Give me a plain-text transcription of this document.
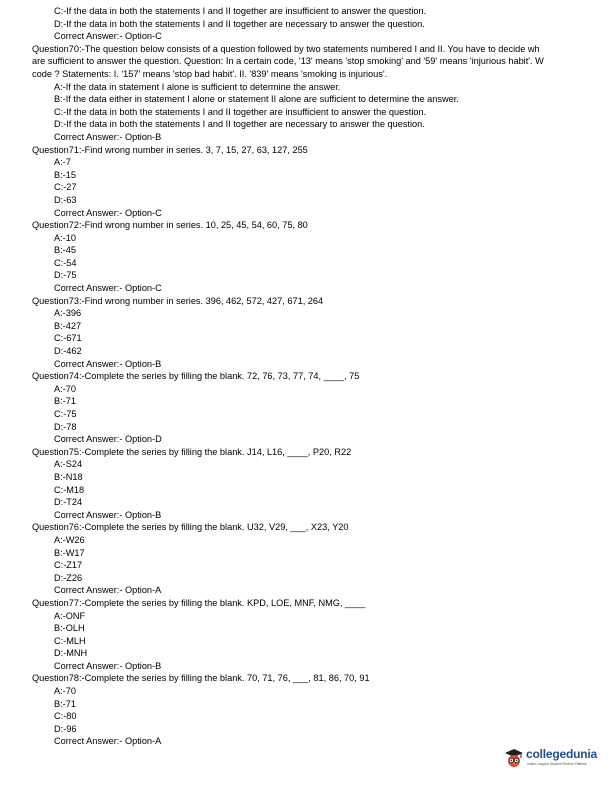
C:-If the data in both the statements I and II together are insufficient to answer the question.
D:-If the data in both the statements I and II together are necessary to answer the question.
Correct Answer:- Option-C
Question70:-The question below consists of a question followed by two statements numbered I and II. You have to decide wh
are sufficient to answer the question. Question: In a certain code, '13' means 'stop smoking' and '59' means 'injurious habit'. W
code ? Statements: I. '157' means 'stop bad habit'. II. '839' means 'smoking is injurious'.
A:-If the data in statement I alone is sufficient to determine the answer.
B:-If the data either in statement I alone or statement II alone are sufficient to determine the answer.
C:-If the data in both the statements I and II together are insufficient to answer the question.
D:-If the data in both the statements I and II together are necessary to answer the question.
Correct Answer:- Option-B
Question71:-Find wrong number in series. 3, 7, 15, 27, 63, 127, 255
A:-7
B:-15
C:-27
D:-63
Correct Answer:- Option-C
Question72:-Find wrong number in series. 10, 25, 45, 54, 60, 75, 80
A:-10
B:-45
C:-54
D:-75
Correct Answer:- Option-C
Question73:-Find wrong number in series. 396, 462, 572, 427, 671, 264
A:-396
B:-427
C:-671
D:-462
Correct Answer:- Option-B
Question74:-Complete the series by filling the blank. 72, 76, 73, 77, 74, ____, 75
A:-70
B:-71
C:-75
D:-78
Correct Answer:- Option-D
Question75:-Complete the series by filling the blank. J14, L16, ____, P20, R22
A:-S24
B:-N18
C:-M18
D:-T24
Correct Answer:- Option-B
Question76:-Complete the series by filling the blank. U32, V29, ___, X23, Y20
A:-W26
B:-W17
C:-Z17
D:-Z26
Correct Answer:- Option-A
Question77:-Complete the series by filling the blank. KPD, LOE, MNF, NMG, ____
A:-ONF
B:-OLH
C:-MLH
D:-MNH
Correct Answer:- Option-B
Question78:-Complete the series by filling the blank. 70, 71, 76, ___, 81, 86, 70, 91
A:-70
B:-71
C:-80
D:-96
Correct Answer:- Option-A
collegedunia
India's Largest Student Review Platform
